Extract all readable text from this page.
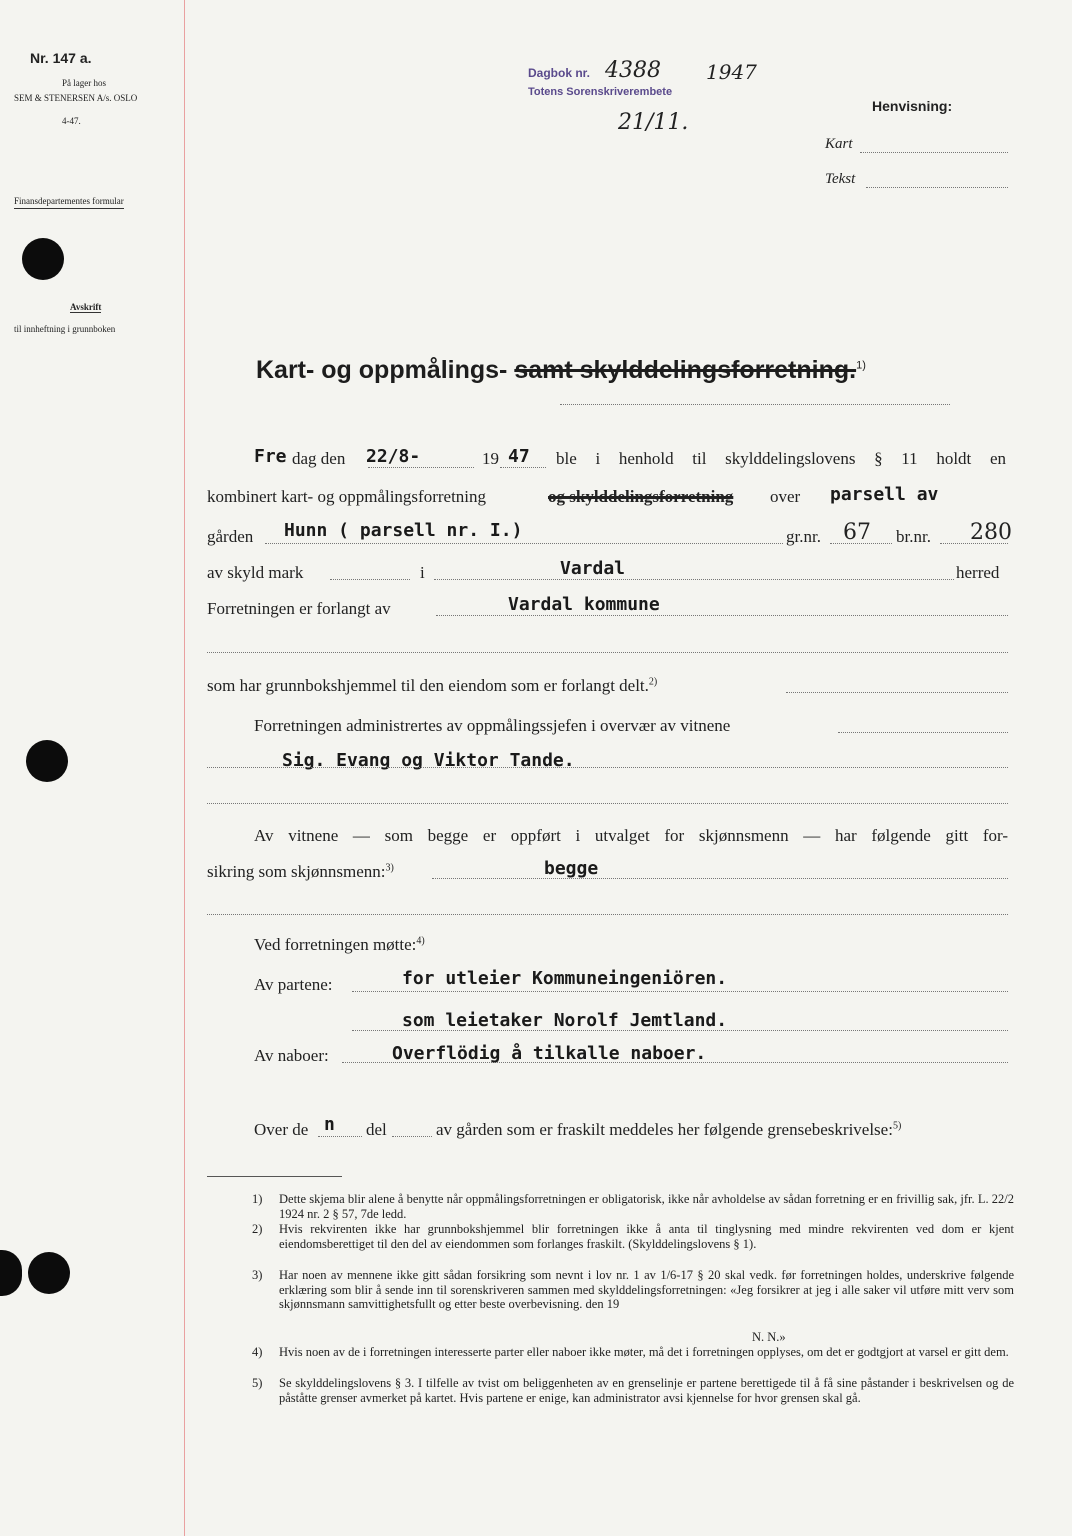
Nr. 147 a.
På lager hos
SEM & STENERSEN A/s. OSLO
4-47.
Finansdepartementes formular
Avskrift
til innheftning i grunnboken
Dagbok nr. 4388 1947
Totens Sorenskriverembete
21/11.
Henvisning:
Kart
Tekst
Kart- og oppmålings- samt skylddelingsforretning.$^{1)}$
Fre dag den 22/8-	19 47 ble i henhold til skylddelingslovens § 11 holdt en
kombinert kart- og oppmålingsforretning	og skylddelingsforretning over parsell av
gården Hunn ( parsell nr. I.)	gr.nr. 67 br.nr. 280
av skyld mark	i	Vardal	herred
Forretningen er forlangt av	Vardal kommune
som har grunnbokshjemmel til den eiendom som er forlangt delt.$^{2)}$
Forretningen administrertes av oppmålingssjefen i overvær av vitnene
Sig. Evang og Viktor Tande.
Av vitnene — som begge er oppført i utvalget for skjønnsmenn — har følgende gitt for-
sikring som skjønnsmenn:$^{3)}$	begge
Ved forretningen møtte:$^{4)}$
Av partene:	for utleier Kommuneingeniören.
som leietaker Norolf Jemtland.
Av naboer:	Overflödig å tilkalle naboer.
Over de n del	av gården som er fraskilt meddeles her følgende grensebeskrivelse:$^{5)}$
1) Dette skjema blir alene å benytte når oppmålingsforretningen er obligatorisk, ikke når avholdelse av sådan forretning er en frivillig sak, jfr. L. 22/2 1924 nr. 2 § 57, 7de ledd.
2) Hvis rekvirenten ikke har grunnbokshjemmel blir forretningen ikke å anta til tinglysning med mindre rekvirenten ved dom er kjent eiendomsberettiget til den del av eiendommen som forlanges fraskilt. (Skylddelingslovens § 1).
3) Har noen av mennene ikke gitt sådan forsikring som nevnt i lov nr. 1 av 1/6-17 § 20 skal vedk. før forretningen holdes, underskrive følgende erklæring som blir å sende inn til sorenskriveren sammen med skylddelingsforretningen: «Jeg forsikrer at jeg i alle saker vil utføre mitt verv som skjønnsmann samvittighetsfullt og etter beste overbevisning. den 19
N. N.»
4) Hvis noen av de i forretningen interesserte parter eller naboer ikke møter, må det i forretningen opplyses, om det er godtgjort at varsel er gitt dem.
5) Se skylddelingslovens § 3. I tilfelle av tvist om beliggenheten av en grenselinje er partene berettigede til å få sine påstander i beskrivelsen og de påståtte grenser avmerket på kartet. Hvis partene er enige, kan administrator avsi kjennelse for hvor grensen skal gå.
